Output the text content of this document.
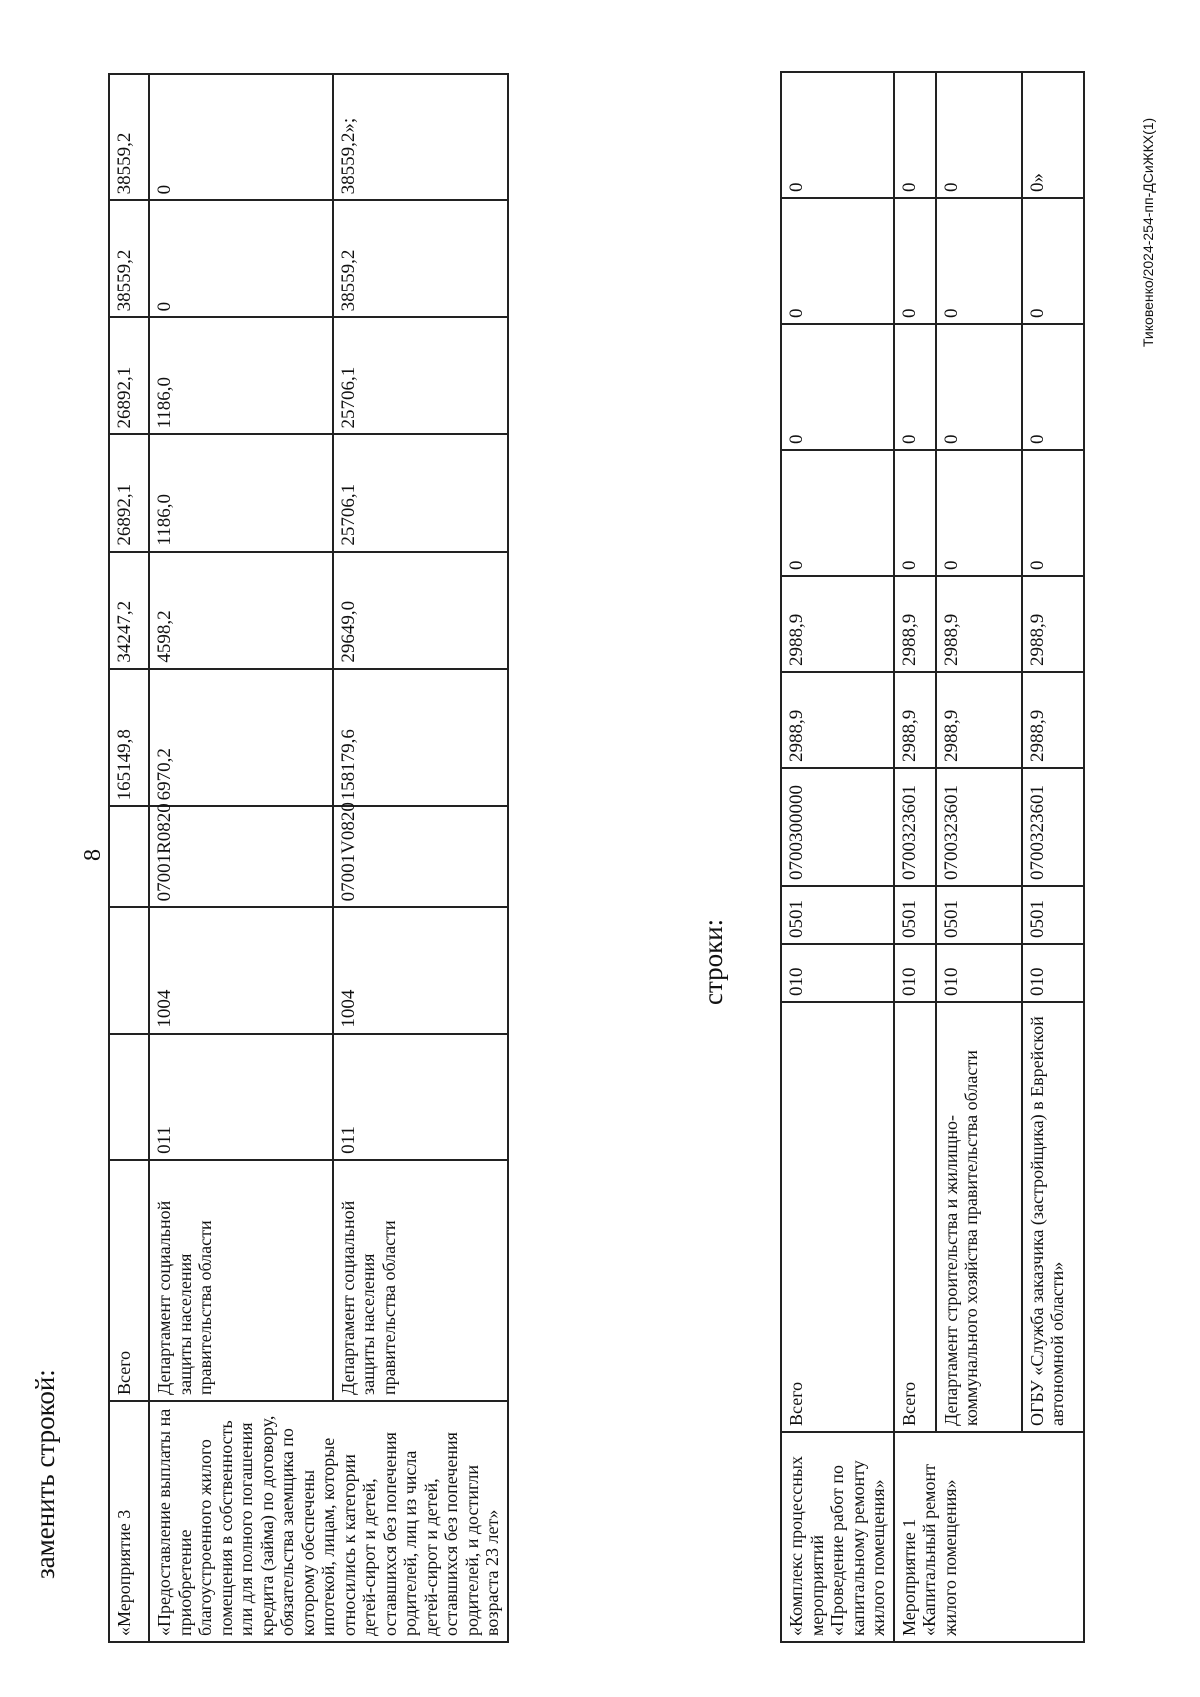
8
заменить строкой:	«Мероприятие 3	Всего				165149,8	34247,2	26892,1	26892,1	38559,2	38559,2
«Предоставление выплаты на приобретение благоустроенного жилого помещения в собственность или для полного погашения кредита (займа) по договору, обязательства заемщика по которому обеспечены ипотекой, лицам, которые относились к категории детей-сирот и детей, оставшихся без попечения родителей, лиц из числа детей-сирот и детей, оставшихся без попечения родителей, и достигли возраста 23 лет»	Департамент социальной защиты населения правительства области	011	1004	07001R0820	6970,2	4598,2	1186,0	1186,0	0	0
	Департамент социальной защиты населения правительства области	011	1004	07001V0820	158179,6	29649,0	25706,1	25706,1	38559,2	38559,2»;
строки:
«Комплекс процессных мероприятий «Проведение работ по капитальному ремонту жилого помещения»	Всего	010	0501	0700300000	2988,9	2988,9	0	0	0	0
Мероприятие 1 «Капитальный ремонт жилого помещения»	Всего	010	0501	0700323601	2988,9	2988,9	0	0	0	0
	Департамент строительства и жилищно-коммунального хозяйства правительства области	010	0501	0700323601	2988,9	2988,9	0	0	0	0
	ОГБУ «Служба заказчика (застройщика) в Еврейской автономной области»	010	0501	0700323601	2988,9	2988,9	0	0	0	0»	Тиковенко/2024-254-пп-ДСиЖКХ(1)
